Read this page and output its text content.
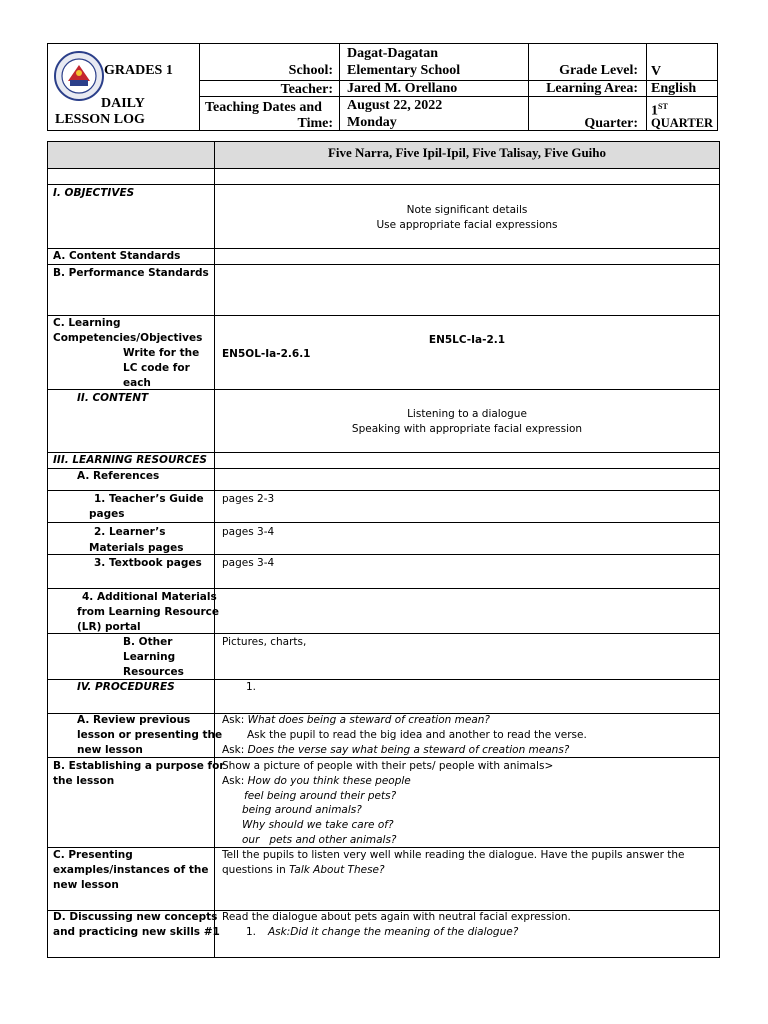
GRADES 1
DAILY
LESSON LOG
School:
Dagat-Dagatan
Elementary School
Teacher: Jared M. Orellano
Teaching Dates and
Time:
August 22, 2022
Monday
Grade Level: V
Learning Area: English
Quarter:
1ST
QUARTER
Five Narra, Five Ipil-Ipil, Five Talisay, Five Guiho
I. OBJECTIVES
Note significant details
Use appropriate facial expressions
A. Content Standards
B. Performance Standards
C. Learning
Competencies/Objectives
Write for the
LC code for
each
EN5LC-Ia-2.1
EN5OL-Ia-2.6.1
II. CONTENT
Listening to a dialogue
Speaking with appropriate facial expression
III. LEARNING RESOURCES
A. References
1. Teacher’s Guide
pages
pages 2-3
2. Learner’s
Materials pages
pages 3-4
3. Textbook pages pages 3-4
4. Additional Materials
from Learning Resource
(LR) portal
B. Other
Learning
Resources
Pictures, charts,
IV. PROCEDURES	1.
A. Review previous
lesson or presenting the
new lesson
Ask: What does being a steward of creation mean?
Ask the pupil to read the big idea and another to read the verse.
Ask: Does the verse say what being a steward of creation means?
B. Establishing a purpose for
the lesson
Show a picture of people with their pets/ people with animals>
Ask: How do you think these people
feel being around their pets?
being around animals?
Why should we take care of?
our   pets and other animals?
C. Presenting
examples/instances of the
new lesson
Tell the pupils to listen very well while reading the dialogue. Have the pupils answer the
questions in Talk About These?
D. Discussing new concepts
and practicing new skills #1
Read the dialogue about pets again with neutral facial expression.
1. Ask:Did it change the meaning of the dialogue?
